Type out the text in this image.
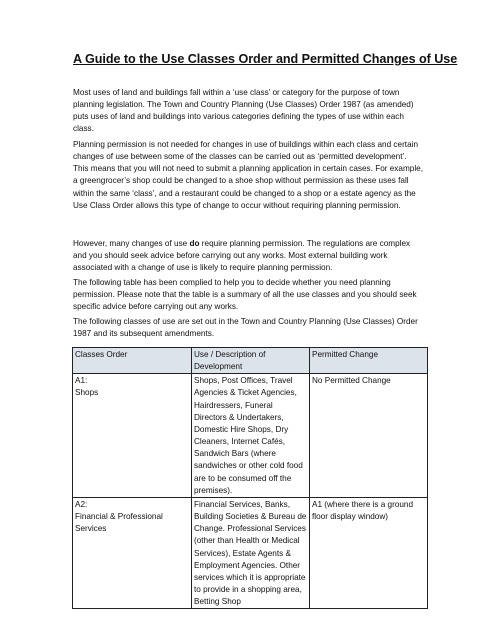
A Guide to the Use Classes Order and Permitted Changes of Use
Most uses of land and buildings fall within a ‘use class’ or category for the purpose of town planning legislation. The Town and Country Planning (Use Classes) Order 1987 (as amended) puts uses of land and buildings into various categories defining the types of use within each class.
Planning permission is not needed for changes in use of buildings within each class and certain changes of use between some of the classes can be carried out as ‘permitted development’. This means that you will not need to submit a planning application in certain cases. For example, a greengrocer’s shop could be changed to a shoe shop without permission as these uses fall within the same ‘class’, and a restaurant could be changed to a shop or a estate agency as the Use Class Order allows this type of change to occur without requiring planning permission.
However, many changes of use do require planning permission. The regulations are complex and you should seek advice before carrying out any works. Most external building work associated with a change of use is likely to require planning permission.
The following table has been complied to help you to decide whether you need planning permission. Please note that the table is a summary of all the use classes and you should seek specific advice before carrying out any works.
The following classes of use are set out in the Town and Country Planning (Use Classes) Order 1987 and its subsequent amendments.
Classes Order	Use / Description of Development	Permitted Change

A1:
Shops	Shops, Post Offices, Travel Agencies & Ticket Agencies, Hairdressers, Funeral Directors & Undertakers, Domestic Hire Shops, Dry Cleaners, Internet Cafés, Sandwich Bars (where sandwiches or other cold food are to be consumed off the premises).	No Permitted Change

A2:
Financial & Professional Services	Financial Services, Banks, Building Societies & Bureau de Change. Professional Services (other than Health or Medical Services), Estate Agents & Employment Agencies. Other services which it is appropriate to provide in a shopping area, Betting Shop	A1 (where there is a ground floor display window)
